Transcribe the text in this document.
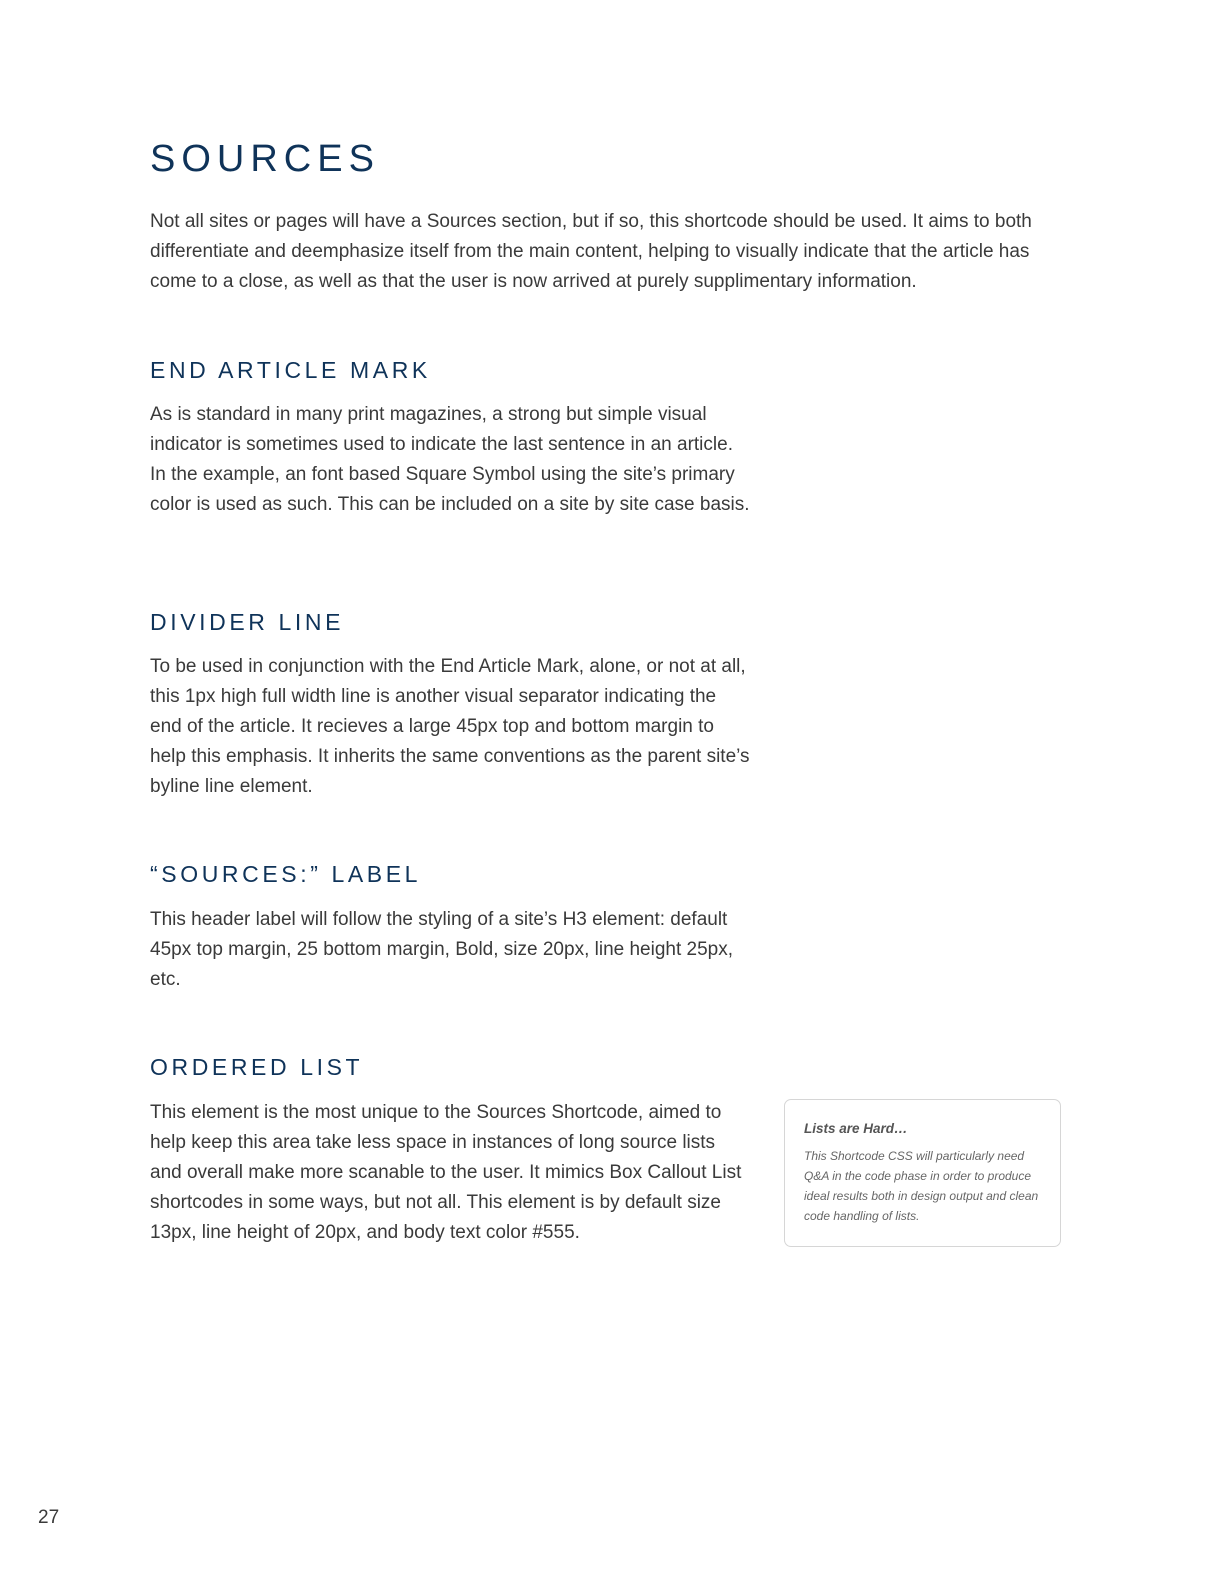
SOURCES

Not all sites or pages will have a Sources section, but if so, this shortcode should be used. It aims to both differentiate and deemphasize itself from the main content, helping to visually indicate that the article has come to a close, as well as that the user is now arrived at purely supplimentary information.

END ARTICLE MARK

As is standard in many print magazines, a strong but simple visual indicator is sometimes used to indicate the last sentence in an article. In the example, an font based Square Symbol using the site’s primary color is used as such. This can be included on a site by site case basis.

DIVIDER LINE

To be used in conjunction with the End Article Mark, alone, or not at all, this 1px high full width line is another visual separator indicating the end of the article. It recieves a large 45px top and bottom margin to help this emphasis. It inherits the same conventions as the parent site’s byline line element.

“SOURCES:” LABEL

This header label will follow the styling of a site’s H3 element: default 45px top margin, 25 bottom margin, Bold, size 20px, line height 25px, etc.

ORDERED LIST

This element is the most unique to the Sources Shortcode, aimed to help keep this area take less space in instances of long source lists and overall make more scanable to the user. It mimics Box Callout List shortcodes in some ways, but not all. This element is by default size 13px, line height of 20px, and body text color #555.

Lists are Hard…

This Shortcode CSS will particularly need Q&A in the code phase in order to produce ideal results both in design output and clean code handling of lists.

27
